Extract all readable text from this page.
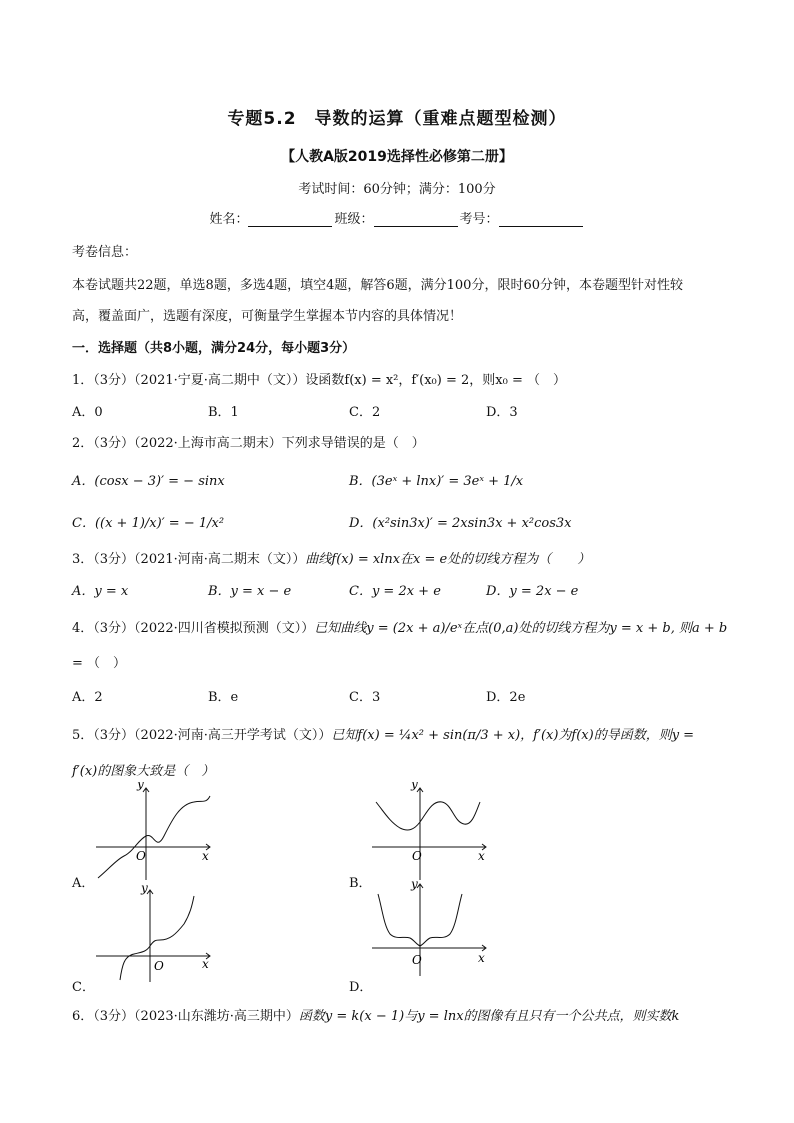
专题5.2　导数的运算（重难点题型检测）
【人教A版2019选择性必修第二册】
考试时间：60分钟；满分：100分
姓名：	班级：	考号：
考卷信息：
本卷试题共22题，单选8题，多选4题，填空4题，解答6题，满分100分，限时60分钟，本卷题型针对性较
高，覆盖面广，选题有深度，可衡量学生掌握本节内容的具体情况！
一．选择题（共8小题，满分24分，每小题3分）
1．（3分）（2021·宁夏·高二期中（文））设函数f(x) = x²，f′(x₀) = 2，则x₀ = （　）
A．0	B．1	C．2	D．3
2．（3分）（2022·上海市高二期末）下列求导错误的是（　）
A．(cosx − 3)′ = − sinx	B．(3eˣ + lnx)′ = 3eˣ + 1/x
C．((x + 1)/x)′ = − 1/x²	D．(x²sin3x)′ = 2xsin3x + x²cos3x
3．（3分）（2021·河南·高二期末（文））曲线f(x) = xlnx在x = e处的切线方程为（　　）
A．y = x	B．y = x − e	C．y = 2x + e	D．y = 2x − e
4．（3分）（2022·四川省模拟预测（文））已知曲线y = (2x + a)/eˣ在点(0,a)处的切线方程为y = x + b, 则a + b
= （　）
A．2	B．e	C．3	D．2e
5．（3分）（2022·河南·高三开学考试（文））已知f(x) = ¼x² + sin(π/3 + x)，f′(x)为f(x)的导函数，则y =
f′(x)的图象大致是（　）
y
O	x
A．
y
O	x
B．
y
O	x
C．
y
O	x
D．
6．（3分）（2023·山东潍坊·高三期中）函数y = k(x − 1)与y = lnx的图像有且只有一个公共点，则实数k
